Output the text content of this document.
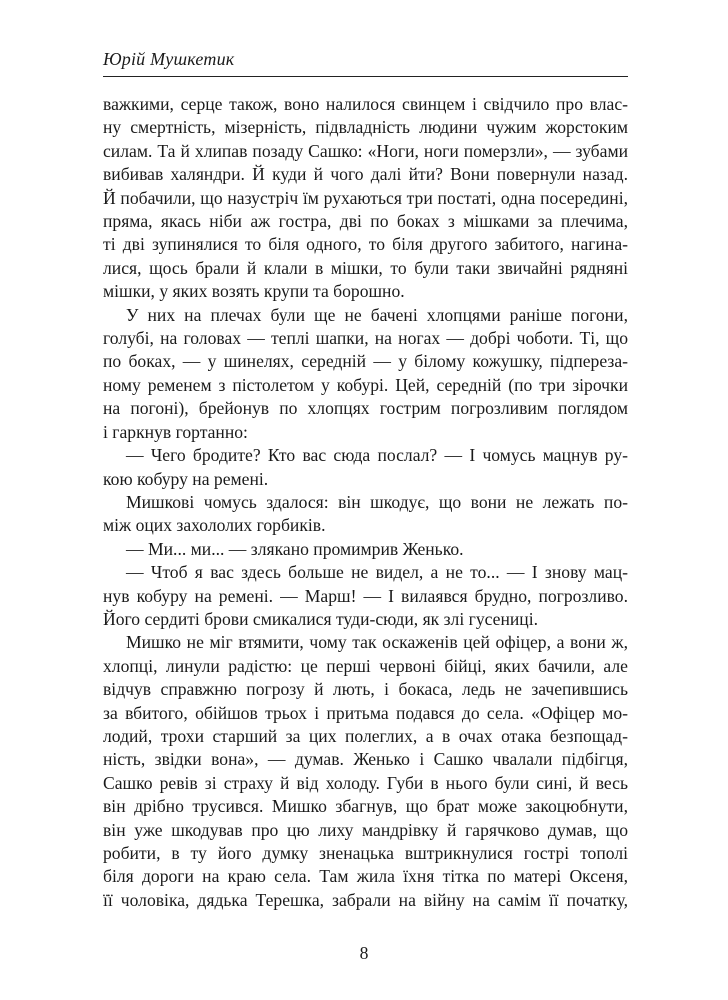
Юрій Мушкетик

важкими, серце також, воно налилося свинцем і свідчило про влас-
ну смертність, мізерність, підвладність людини чужим жорстоким
силам. Та й хлипав позаду Сашко: «Ноги, ноги померзли», — зубами
вибивав халяндри. Й куди й чого далі йти? Вони повернули назад.
Й побачили, що назустріч їм рухаються три постаті, одна посередині,
пряма, якась ніби аж гостра, дві по боках з мішками за плечима,
ті дві зупинялися то біля одного, то біля другого забитого, нагина-
лися, щось брали й клали в мішки, то були таки звичайні рядняні
мішки, у яких возять крупи та борошно.

У них на плечах були ще не бачені хлопцями раніше погони,
голубі, на головах — теплі шапки, на ногах — добрі чоботи. Ті, що
по боках, — у шинелях, середній — у білому кожушку, підпереза-
ному ременем з пістолетом у кобурі. Цей, середній (по три зірочки
на погоні), брейонув по хлопцях гострим погрозливим поглядом
і гаркнув гортанно:

— Чего бродите? Кто вас сюда послал? — І чомусь мацнув ру-
кою кобуру на ремені.

Мишкові чомусь здалося: він шкодує, що вони не лежать по-
між оцих захололих горбиків.

— Ми... ми... — злякано промимрив Женько.

— Чтоб я вас здесь больше не видел, а не то... — І знову мац-
нув кобуру на ремені. — Марш! — І вилаявся брудно, погрозливо.
Його сердиті брови смикалися туди-сюди, як злі гусениці.

Мишко не міг втямити, чому так оскаженів цей офіцер, а вони ж,
хлопці, линули радістю: це перші червоні бійці, яких бачили, але
відчув справжню погрозу й лють, і бокаса, ледь не зачепившись
за вбитого, обійшов трьох і притьма подався до села. «Офіцер мо-
лодий, трохи старший за цих полеглих, а в очах отака безпощад-
ність, звідки вона», — думав. Женько і Сашко чвалали підбігця,
Сашко ревів зі страху й від холоду. Губи в нього були сині, й весь
він дрібно трусився. Мишко збагнув, що брат може закоцюбнути,
він уже шкодував про цю лиху мандрівку й гарячково думав, що
робити, в ту його думку зненацька вштрикнулися гострі тополі
біля дороги на краю села. Там жила їхня тітка по матері Оксеня,
її чоловіка, дядька Терешка, забрали на війну на самім її початку,

8
